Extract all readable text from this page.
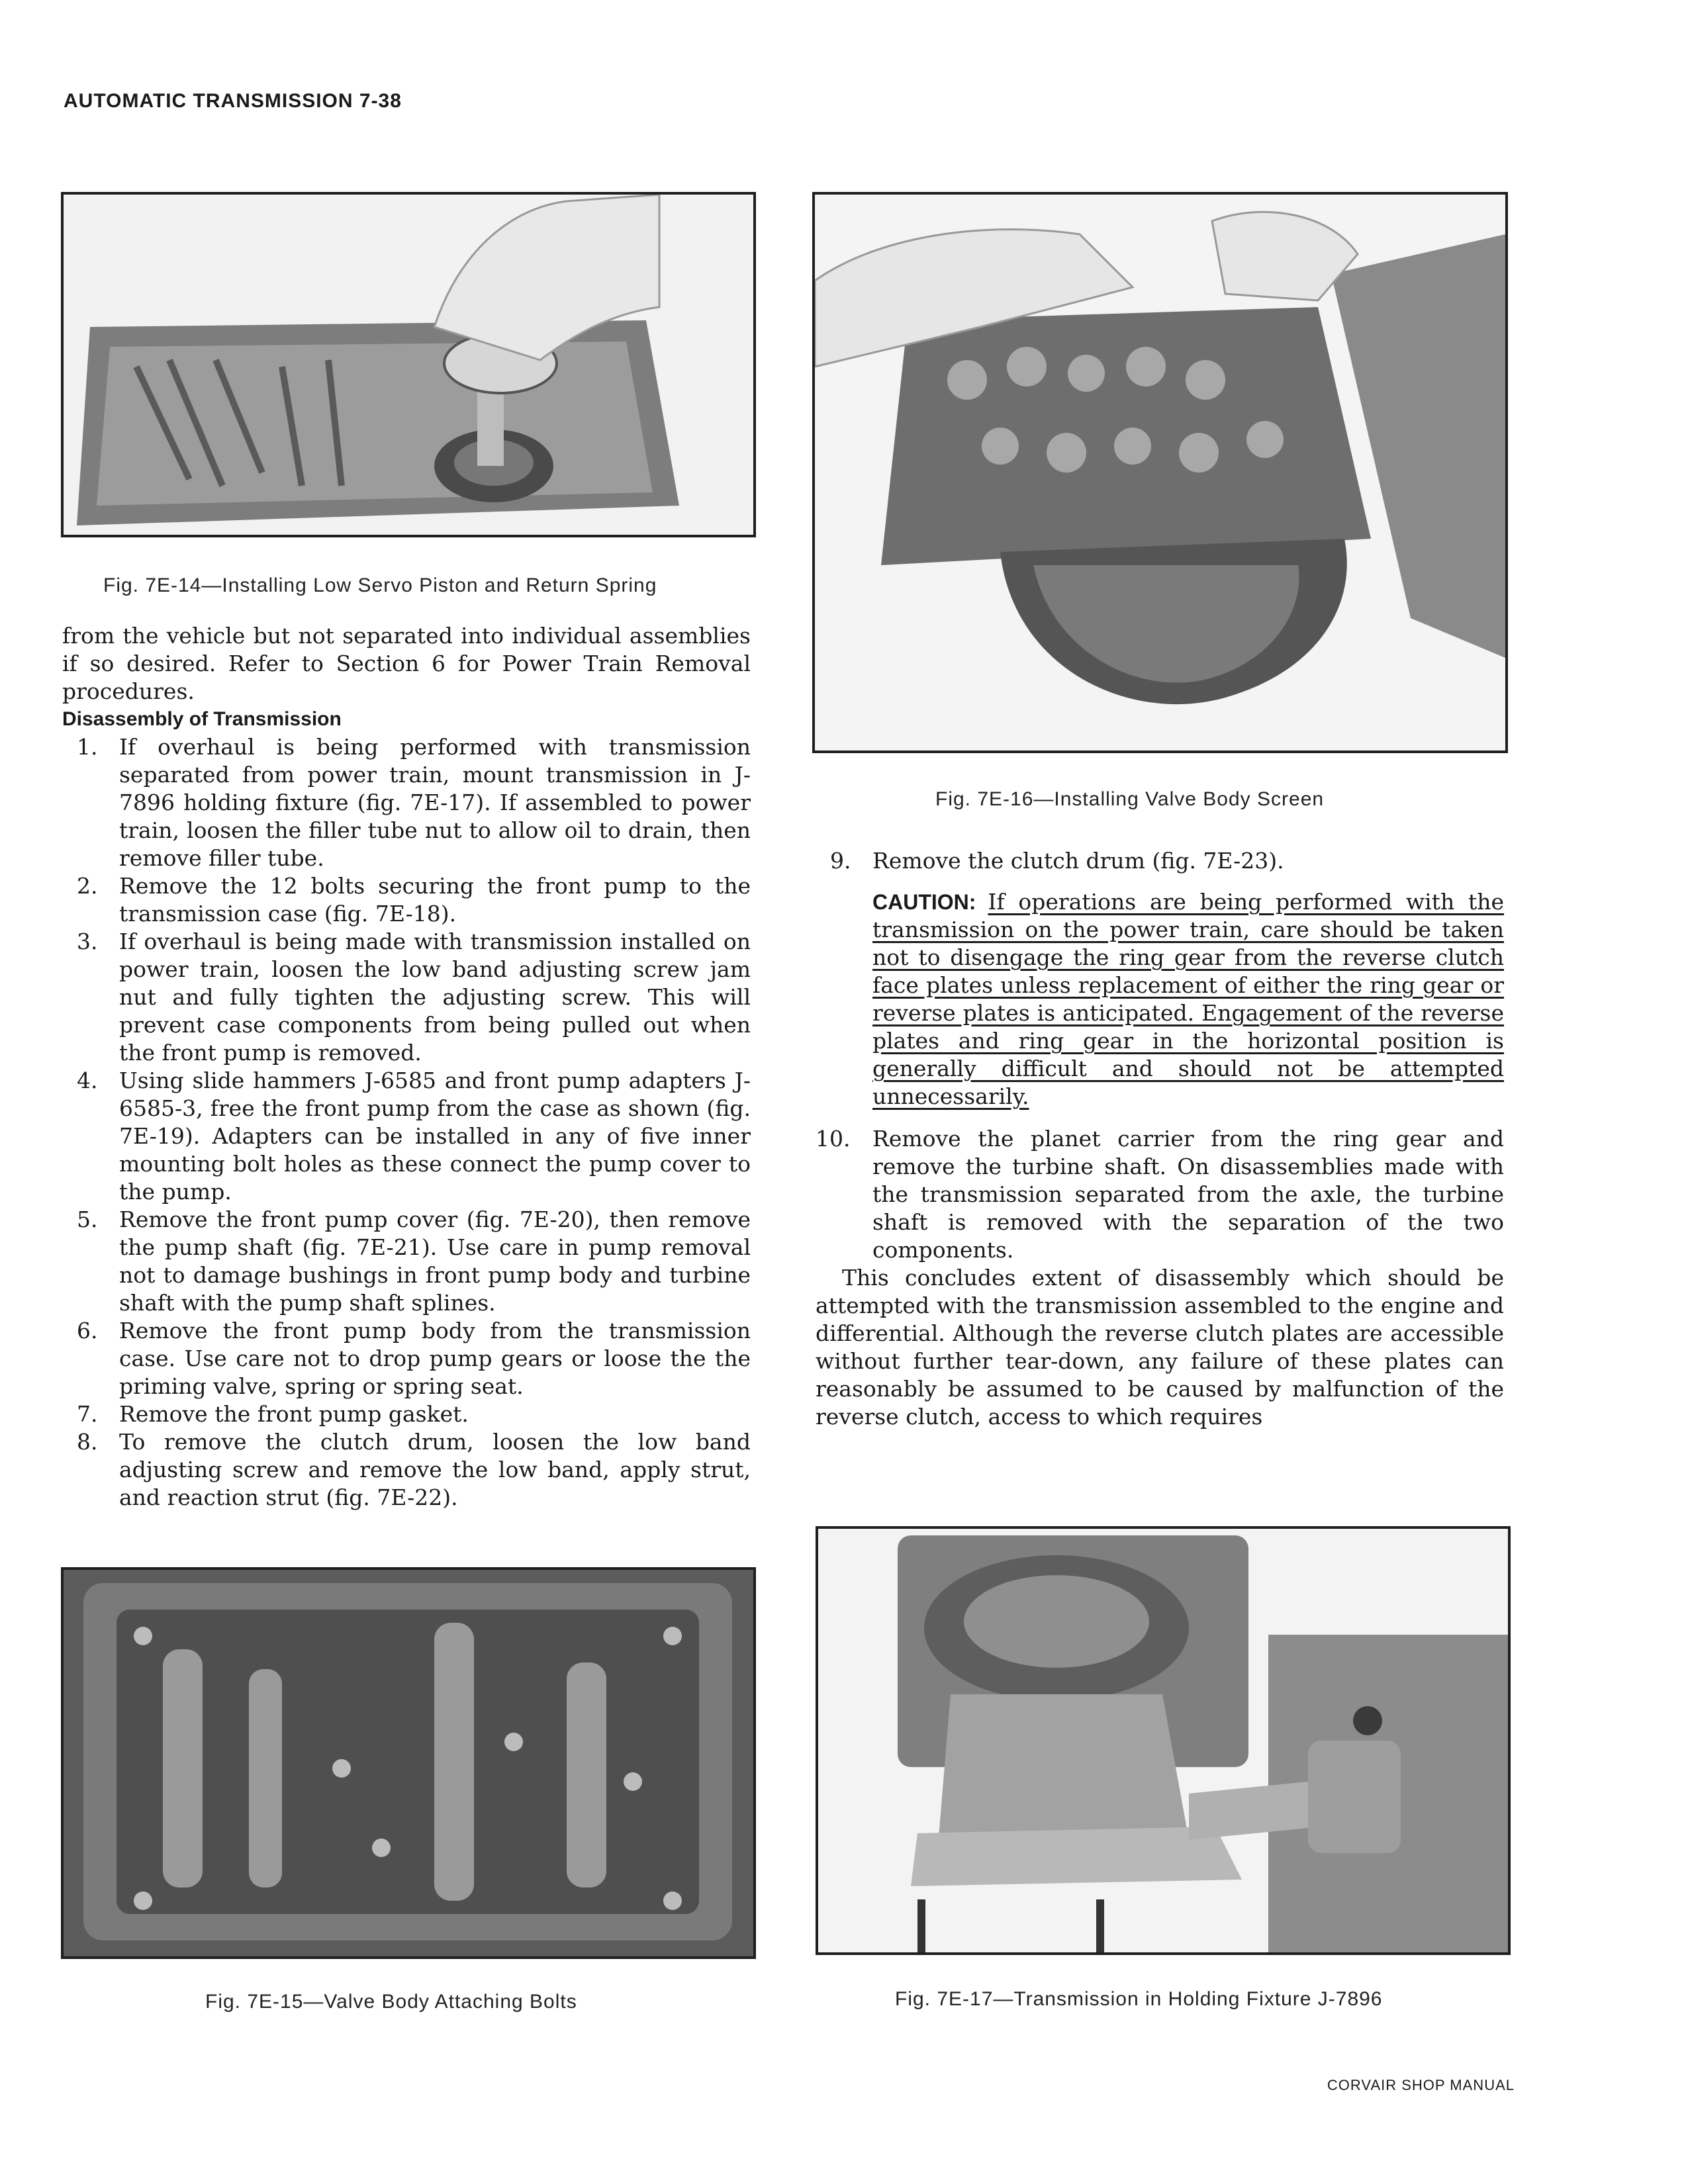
AUTOMATIC TRANSMISSION 7-38
Fig. 7E-14—Installing Low Servo Piston and Return Spring
Fig. 7E-16—Installing Valve Body Screen

from the vehicle but not separated into individual assemblies if so desired. Refer to Section 6 for Power Train Removal procedures.

Disassembly of Transmission

1. If overhaul is being performed with transmission separated from power train, mount transmission in J-7896 holding fixture (fig. 7E-17). If assembled to power train, loosen the filler tube nut to allow oil to drain, then remove filler tube.
2. Remove the 12 bolts securing the front pump to the transmission case (fig. 7E-18).
3. If overhaul is being made with transmission installed on power train, loosen the low band adjusting screw jam nut and fully tighten the adjusting screw. This will prevent case components from being pulled out when the front pump is removed.
4. Using slide hammers J-6585 and front pump adapters J-6585-3, free the front pump from the case as shown (fig. 7E-19). Adapters can be installed in any of five inner mounting bolt holes as these connect the pump cover to the pump.
5. Remove the front pump cover (fig. 7E-20), then remove the pump shaft (fig. 7E-21). Use care in pump removal not to damage bushings in front pump body and turbine shaft with the pump shaft splines.
6. Remove the front pump body from the transmission case. Use care not to drop pump gears or loose the the priming valve, spring or spring seat.
7. Remove the front pump gasket.
8. To remove the clutch drum, loosen the low band adjusting screw and remove the low band, apply strut, and reaction strut (fig. 7E-22).
9. Remove the clutch drum (fig. 7E-23).
CAUTION: If operations are being performed with the transmission on the power train, care should be taken not to disengage the ring gear from the reverse clutch face plates unless replacement of either the ring gear or reverse plates is anticipated. Engagement of the reverse plates and ring gear in the horizontal position is generally difficult and should not be attempted unnecessarily.
10. Remove the planet carrier from the ring gear and remove the turbine shaft. On disassemblies made with the transmission separated from the axle, the turbine shaft is removed with the separation of the two components.

This concludes extent of disassembly which should be attempted with the transmission assembled to the engine and differential. Although the reverse clutch plates are accessible without further tear-down, any failure of these plates can reasonably be assumed to be caused by malfunction of the reverse clutch, access to which requires

Fig. 7E-15—Valve Body Attaching Bolts	Fig. 7E-17—Transmission in Holding Fixture J-7896
CORVAIR SHOP MANUAL
